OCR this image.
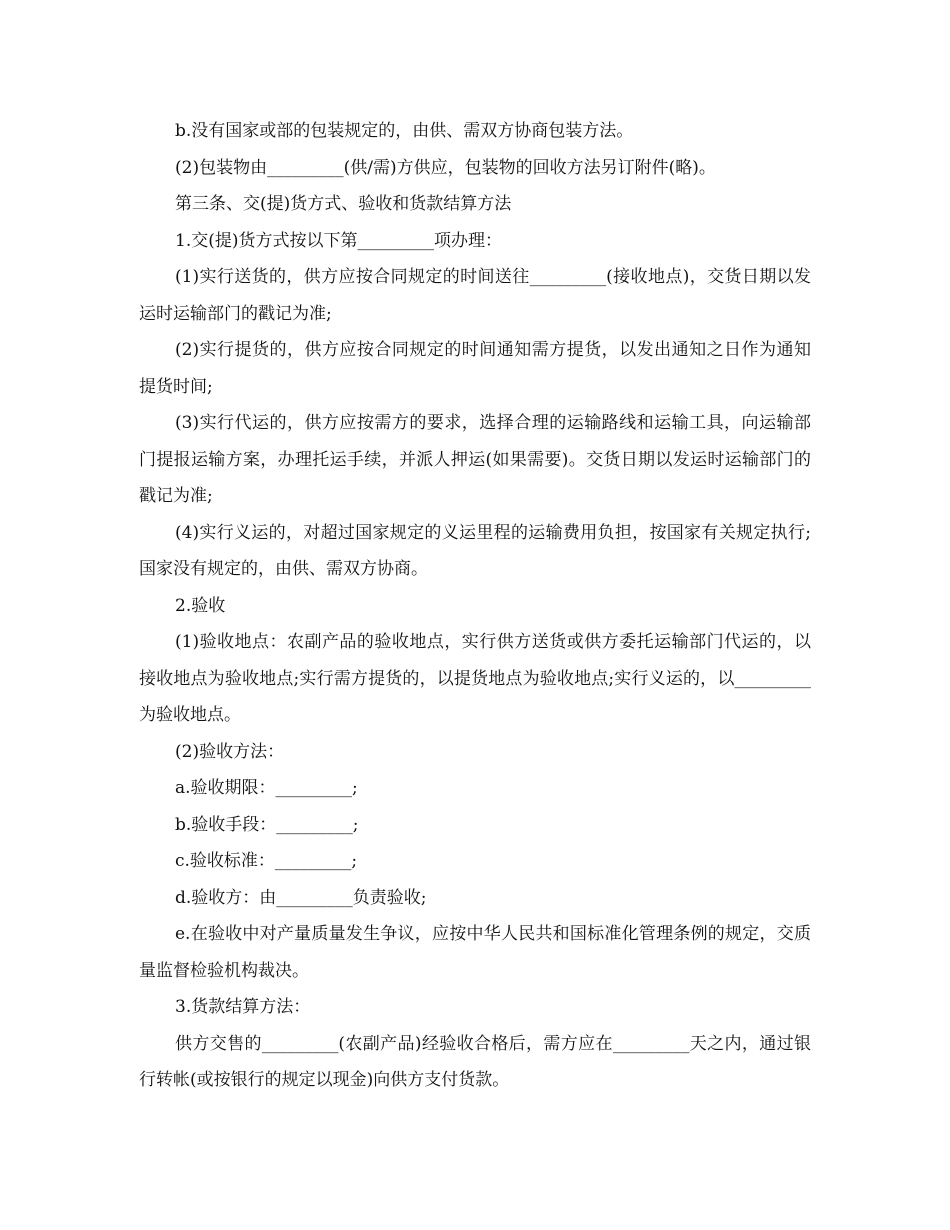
b.没有国家或部的包装规定的，由供、需双方协商包装方法。

(2)包装物由_________(供/需)方供应，包装物的回收方法另订附件(略)。

第三条、交(提)货方式、验收和货款结算方法

1.交(提)货方式按以下第_________项办理：

(1)实行送货的，供方应按合同规定的时间送往_________(接收地点)，交货日期以发运时运输部门的戳记为准;

(2)实行提货的，供方应按合同规定的时间通知需方提货，以发出通知之日作为通知提货时间;

(3)实行代运的，供方应按需方的要求，选择合理的运输路线和运输工具，向运输部门提报运输方案，办理托运手续，并派人押运(如果需要)。交货日期以发运时运输部门的戳记为准;

(4)实行义运的，对超过国家规定的义运里程的运输费用负担，按国家有关规定执行;国家没有规定的，由供、需双方协商。

2.验收

(1)验收地点：农副产品的验收地点，实行供方送货或供方委托运输部门代运的，以接收地点为验收地点;实行需方提货的，以提货地点为验收地点;实行义运的，以_________为验收地点。

(2)验收方法：

a.验收期限：_________;

b.验收手段：_________;

c.验收标准：_________;

d.验收方：由_________负责验收;

e.在验收中对产量质量发生争议，应按中华人民共和国标准化管理条例的规定，交质量监督检验机构裁决。

3.货款结算方法：

供方交售的_________(农副产品)经验收合格后，需方应在_________天之内，通过银行转帐(或按银行的规定以现金)向供方支付货款。
